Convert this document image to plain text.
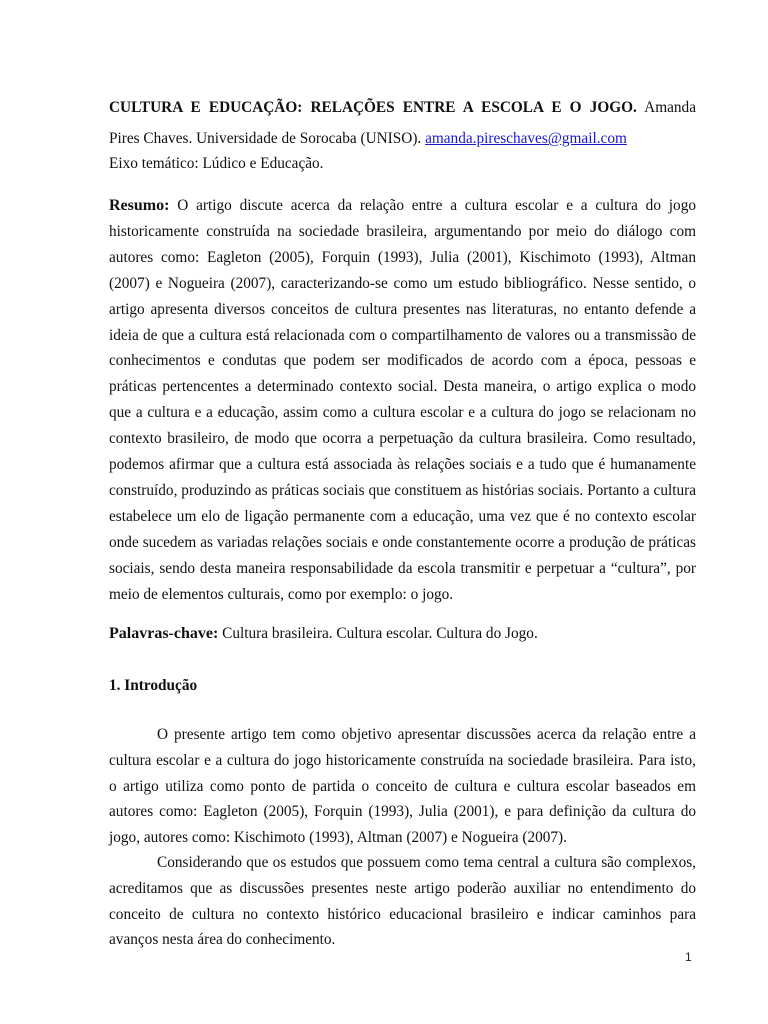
CULTURA E EDUCAÇÃO: RELAÇÕES ENTRE A ESCOLA E O JOGO. Amanda
Pires Chaves. Universidade de Sorocaba (UNISO). amanda.pireschaves@gmail.com
Eixo temático: Lúdico e Educação.

Resumo: O artigo discute acerca da relação entre a cultura escolar e a cultura do jogo historicamente construída na sociedade brasileira, argumentando por meio do diálogo com autores como: Eagleton (2005), Forquin (1993), Julia (2001), Kischimoto (1993), Altman (2007) e Nogueira (2007), caracterizando-se como um estudo bibliográfico. Nesse sentido, o artigo apresenta diversos conceitos de cultura presentes nas literaturas, no entanto defende a ideia de que a cultura está relacionada com o compartilhamento de valores ou a transmissão de conhecimentos e condutas que podem ser modificados de acordo com a época, pessoas e práticas pertencentes a determinado contexto social. Desta maneira, o artigo explica o modo que a cultura e a educação, assim como a cultura escolar e a cultura do jogo se relacionam no contexto brasileiro, de modo que ocorra a perpetuação da cultura brasileira. Como resultado, podemos afirmar que a cultura está associada às relações sociais e a tudo que é humanamente construído, produzindo as práticas sociais que constituem as histórias sociais. Portanto a cultura estabelece um elo de ligação permanente com a educação, uma vez que é no contexto escolar onde sucedem as variadas relações sociais e onde constantemente ocorre a produção de práticas sociais, sendo desta maneira responsabilidade da escola transmitir e perpetuar a “cultura”, por meio de elementos culturais, como por exemplo: o jogo.

Palavras-chave: Cultura brasileira. Cultura escolar. Cultura do Jogo.

1. Introdução

O presente artigo tem como objetivo apresentar discussões acerca da relação entre a cultura escolar e a cultura do jogo historicamente construída na sociedade brasileira. Para isto, o artigo utiliza como ponto de partida o conceito de cultura e cultura escolar baseados em autores como: Eagleton (2005), Forquin (1993), Julia (2001), e para definição da cultura do jogo, autores como: Kischimoto (1993), Altman (2007) e Nogueira (2007).

Considerando que os estudos que possuem como tema central a cultura são complexos, acreditamos que as discussões presentes neste artigo poderão auxiliar no entendimento do conceito de cultura no contexto histórico educacional brasileiro e indicar caminhos para avanços nesta área do conhecimento.

1
